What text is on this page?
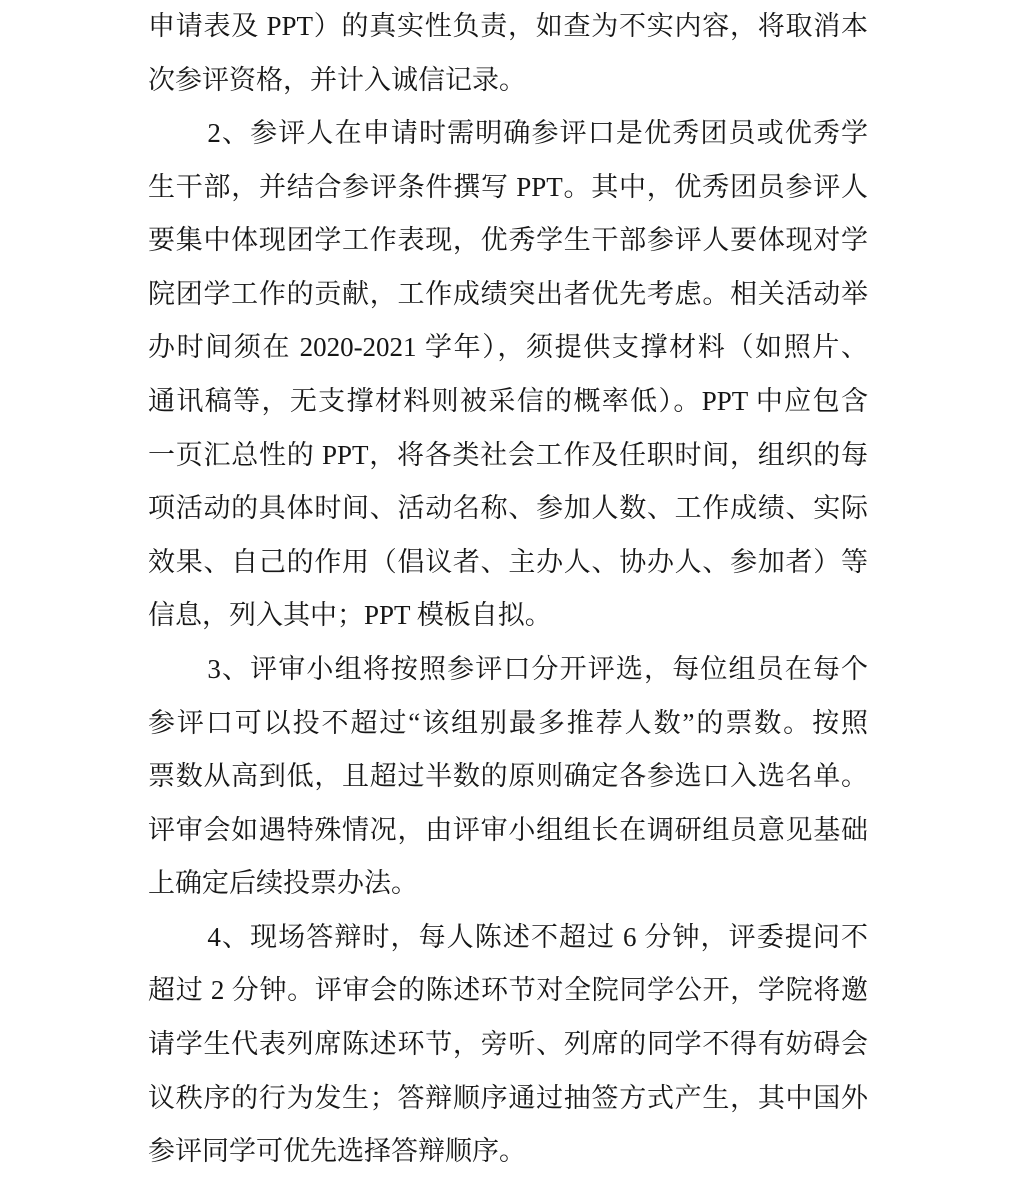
申请表及 PPT）的真实性负责，如查为不实内容，将取消本
次参评资格，并计入诚信记录。

2、参评人在申请时需明确参评口是优秀团员或优秀学
生干部，并结合参评条件撰写 PPT。其中，优秀团员参评人
要集中体现团学工作表现，优秀学生干部参评人要体现对学
院团学工作的贡献，工作成绩突出者优先考虑。相关活动举
办时间须在 2020-2021 学年），须提供支撑材料（如照片、
通讯稿等，无支撑材料则被采信的概率低）。PPT 中应包含
一页汇总性的 PPT，将各类社会工作及任职时间，组织的每
项活动的具体时间、活动名称、参加人数、工作成绩、实际
效果、自己的作用（倡议者、主办人、协办人、参加者）等
信息，列入其中；PPT 模板自拟。

3、评审小组将按照参评口分开评选，每位组员在每个
参评口可以投不超过“该组别最多推荐人数”的票数。按照
票数从高到低，且超过半数的原则确定各参选口入选名单。
评审会如遇特殊情况，由评审小组组长在调研组员意见基础
上确定后续投票办法。

4、现场答辩时，每人陈述不超过 6 分钟，评委提问不
超过 2 分钟。评审会的陈述环节对全院同学公开，学院将邀
请学生代表列席陈述环节，旁听、列席的同学不得有妨碍会
议秩序的行为发生；答辩顺序通过抽签方式产生，其中国外
参评同学可优先选择答辩顺序。
